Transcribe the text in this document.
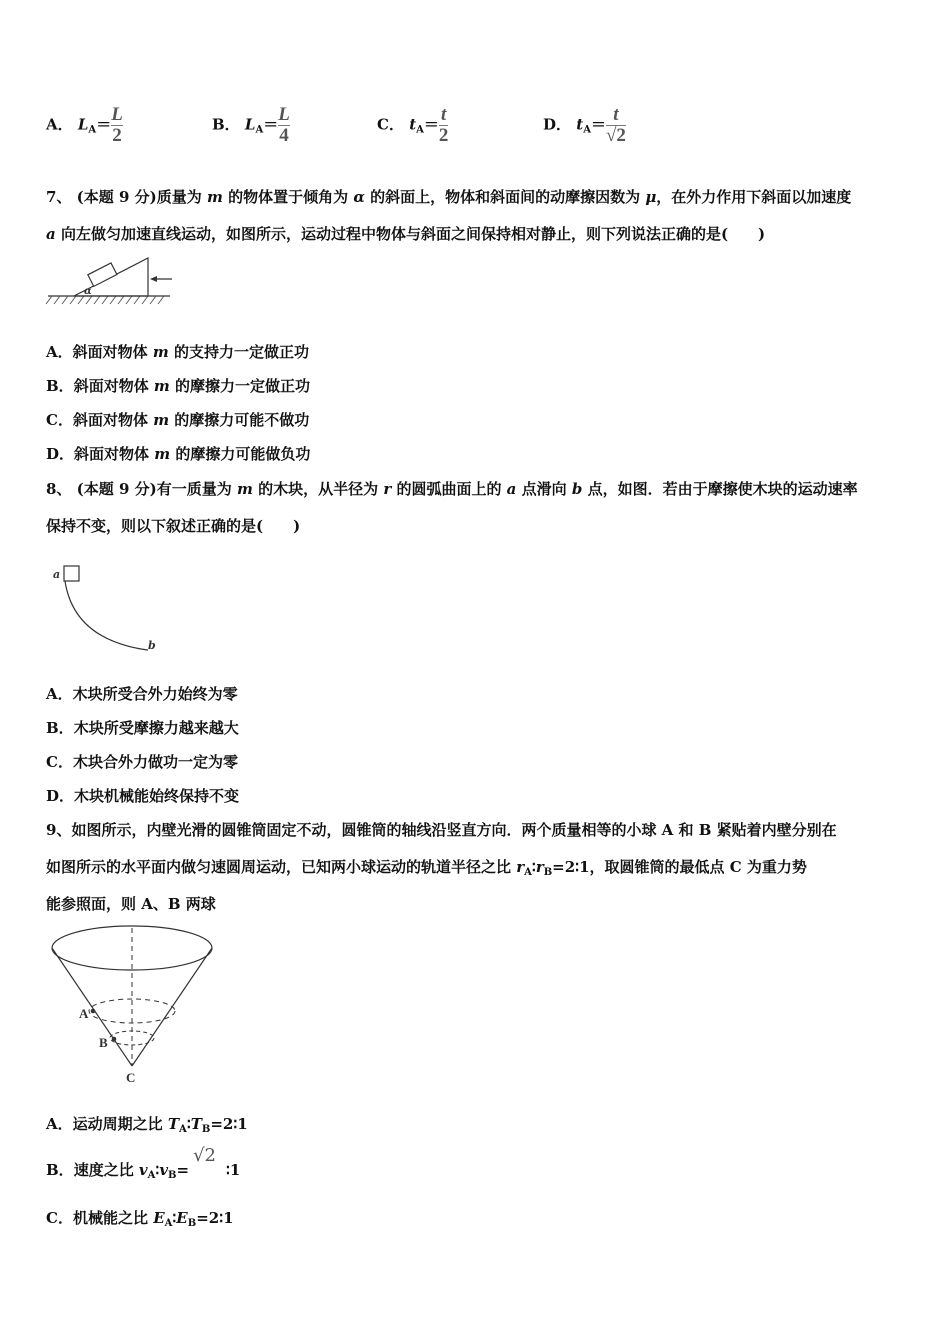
A． $L_A= \frac{L}{2}$	B． $L_A= \frac{L}{4}$	C． $t_A= \frac{t}{2}$	D． $t_A= \frac{t}{√2}$
7、 (本题 9 分)质量为 m 的物体置于倾角为 α 的斜面上，物体和斜面间的动摩擦因数为 μ，在外力作用下斜面以加速度
a 向左做匀加速直线运动，如图所示，运动过程中物体与斜面之间保持相对静止，则下列说法正确的是(　　)
α
A．斜面对物体 m 的支持力一定做正功
B．斜面对物体 m 的摩擦力一定做正功
C．斜面对物体 m 的摩擦力可能不做功
D．斜面对物体 m 的摩擦力可能做负功
8、 (本题 9 分)有一质量为 m 的木块，从半径为 r 的圆弧曲面上的 a 点滑向 b 点，如图．若由于摩擦使木块的运动速率
保持不变，则以下叙述正确的是(　　)
a
b
A．木块所受合外力始终为零
B．木块所受摩擦力越来越大
C．木块合外力做功一定为零
D．木块机械能始终保持不变
9、如图所示，内壁光滑的圆锥筒固定不动，圆锥筒的轴线沿竖直方向．两个质量相等的小球 A 和 B 紧贴着内壁分别在
如图所示的水平面内做匀速圆周运动，已知两小球运动的轨道半径之比 $r_A∶r_B=2∶1$，取圆锥筒的最低点 C 为重力势
能参照面，则 A、B 两球
A
B
C
A．运动周期之比 $T_A∶T_B=2∶1$
B．速度之比 $v_A∶v_B=√2∶1$
C．机械能之比 $E_A∶E_B=2∶1$
